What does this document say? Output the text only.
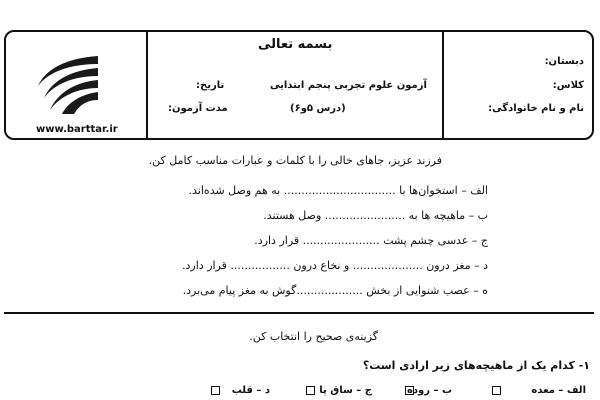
www.barttar.ir
بسمه تعالی
دبستان:
کلاس:
نام و نام خانوادگی:
آزمون علوم تجربی پنجم ابتدایی
(درس ۵و۶)
تاریخ:
مدت آزمون:
فرزند عزیز، جاهای خالی را با کلمات و عبارات مناسب کامل کن.
الف – استخوان‌ها با ................................ به هم وصل شده‌اند.
ب – ماهیچه ها به ....................... وصل هستند.
ج – عدسی چشم پشت ...................... قرار دارد.
د – مغز درون .................... و نخاع درون ................. قرار دارد.
ه – عصب شنوایی از بخش ...................گوش به مغز پیام می‌برد.
گزینه‌ی صحیح را انتخاب کن.
۱- کدام یک از ماهیچه‌های زیر ارادی است؟
الف – معده
ب – روده
ج – ساق پا
د – قلب
